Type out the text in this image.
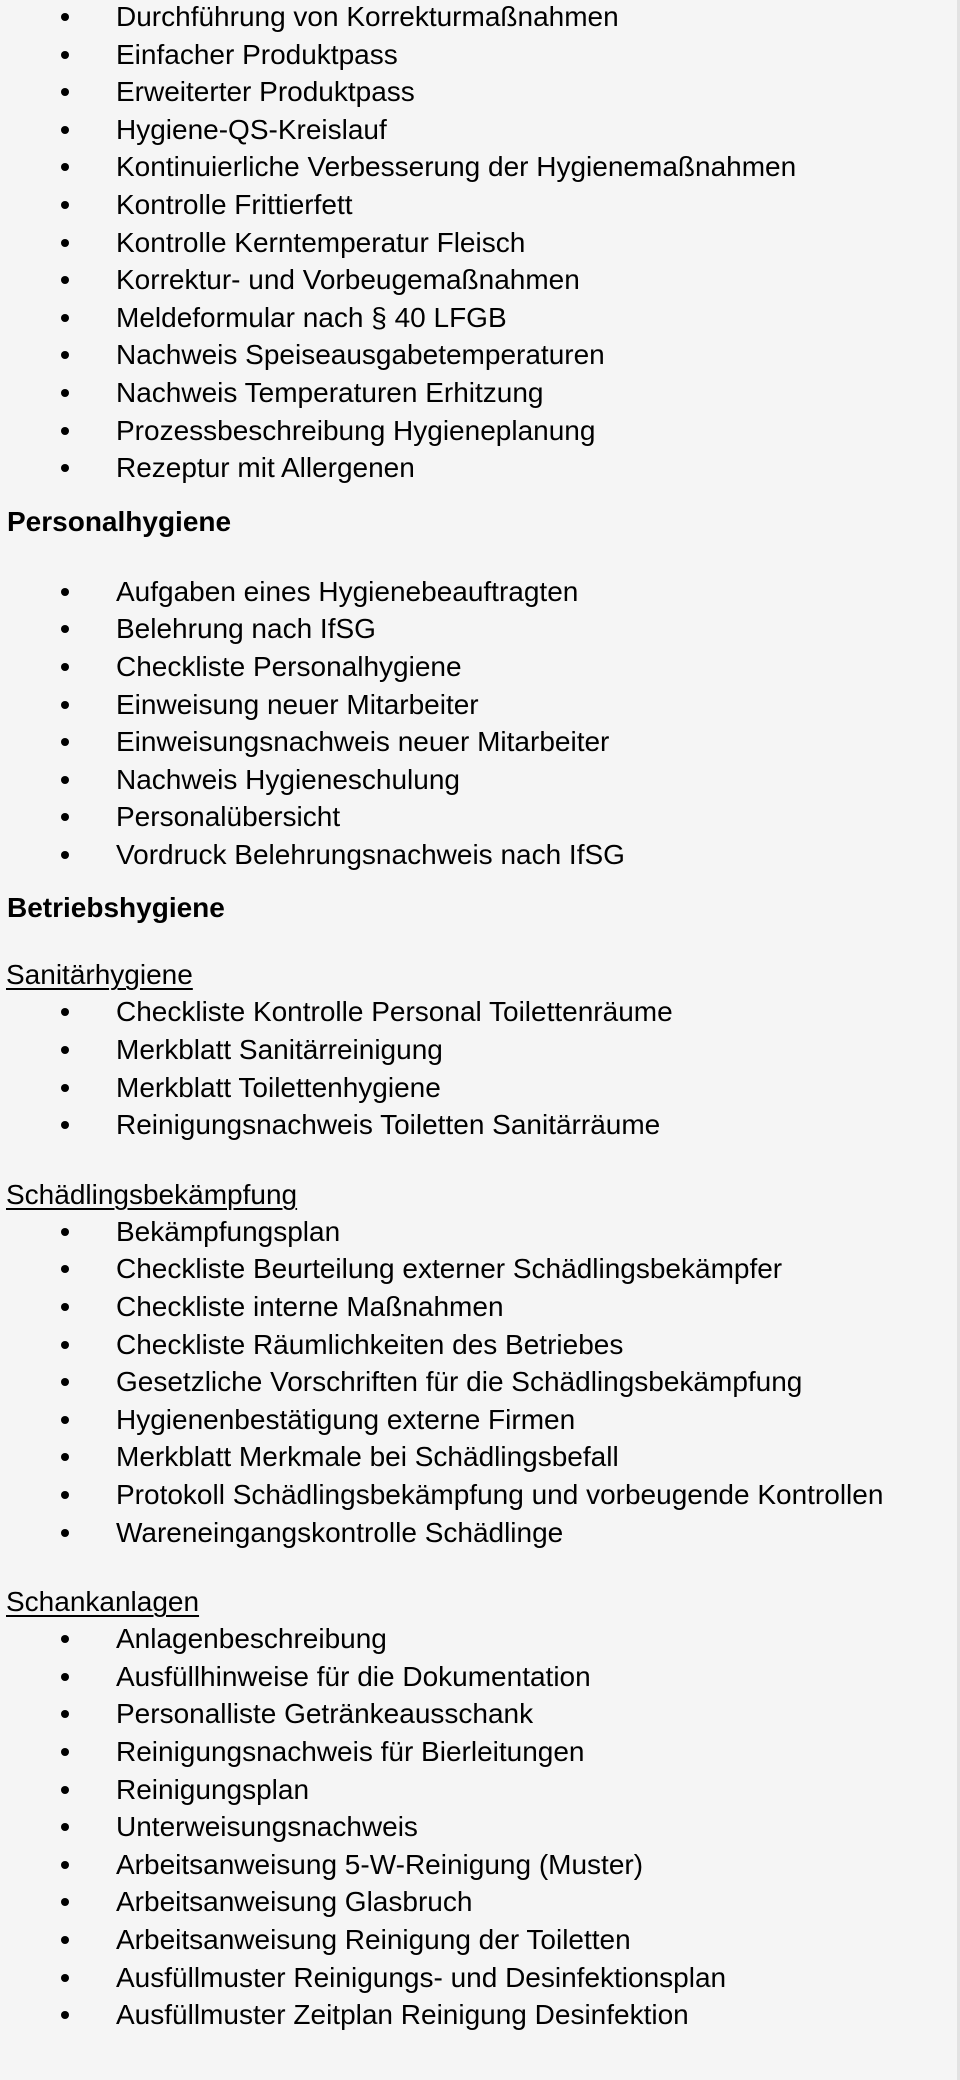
Durchführung von Korrekturmaßnahmen
Einfacher Produktpass
Erweiterter Produktpass
Hygiene-QS-Kreislauf
Kontinuierliche Verbesserung der Hygienemaßnahmen
Kontrolle Frittierfett
Kontrolle Kerntemperatur Fleisch
Korrektur- und Vorbeugemaßnahmen
Meldeformular nach § 40 LFGB
Nachweis Speiseausgabetemperaturen
Nachweis Temperaturen Erhitzung
Prozessbeschreibung Hygieneplanung
Rezeptur mit Allergenen
Personalhygiene
Aufgaben eines Hygienebeauftragten
Belehrung nach IfSG
Checkliste Personalhygiene
Einweisung neuer Mitarbeiter
Einweisungsnachweis neuer Mitarbeiter
Nachweis Hygieneschulung
Personalübersicht
Vordruck Belehrungsnachweis nach IfSG
Betriebshygiene
Sanitärhygiene
Checkliste Kontrolle Personal Toilettenräume
Merkblatt Sanitärreinigung
Merkblatt Toilettenhygiene
Reinigungsnachweis Toiletten Sanitärräume
Schädlingsbekämpfung
Bekämpfungsplan
Checkliste Beurteilung externer Schädlingsbekämpfer
Checkliste interne Maßnahmen
Checkliste Räumlichkeiten des Betriebes
Gesetzliche Vorschriften für die Schädlingsbekämpfung
Hygienenbestätigung externe Firmen
Merkblatt Merkmale bei Schädlingsbefall
Protokoll Schädlingsbekämpfung und vorbeugende Kontrollen
Wareneingangskontrolle Schädlinge
Schankanlagen
Anlagenbeschreibung
Ausfüllhinweise für die Dokumentation
Personalliste Getränkeausschank
Reinigungsnachweis für Bierleitungen
Reinigungsplan
Unterweisungsnachweis
Arbeitsanweisung 5-W-Reinigung (Muster)
Arbeitsanweisung Glasbruch
Arbeitsanweisung Reinigung der Toiletten
Ausfüllmuster Reinigungs- und Desinfektionsplan
Ausfüllmuster Zeitplan Reinigung Desinfektion
